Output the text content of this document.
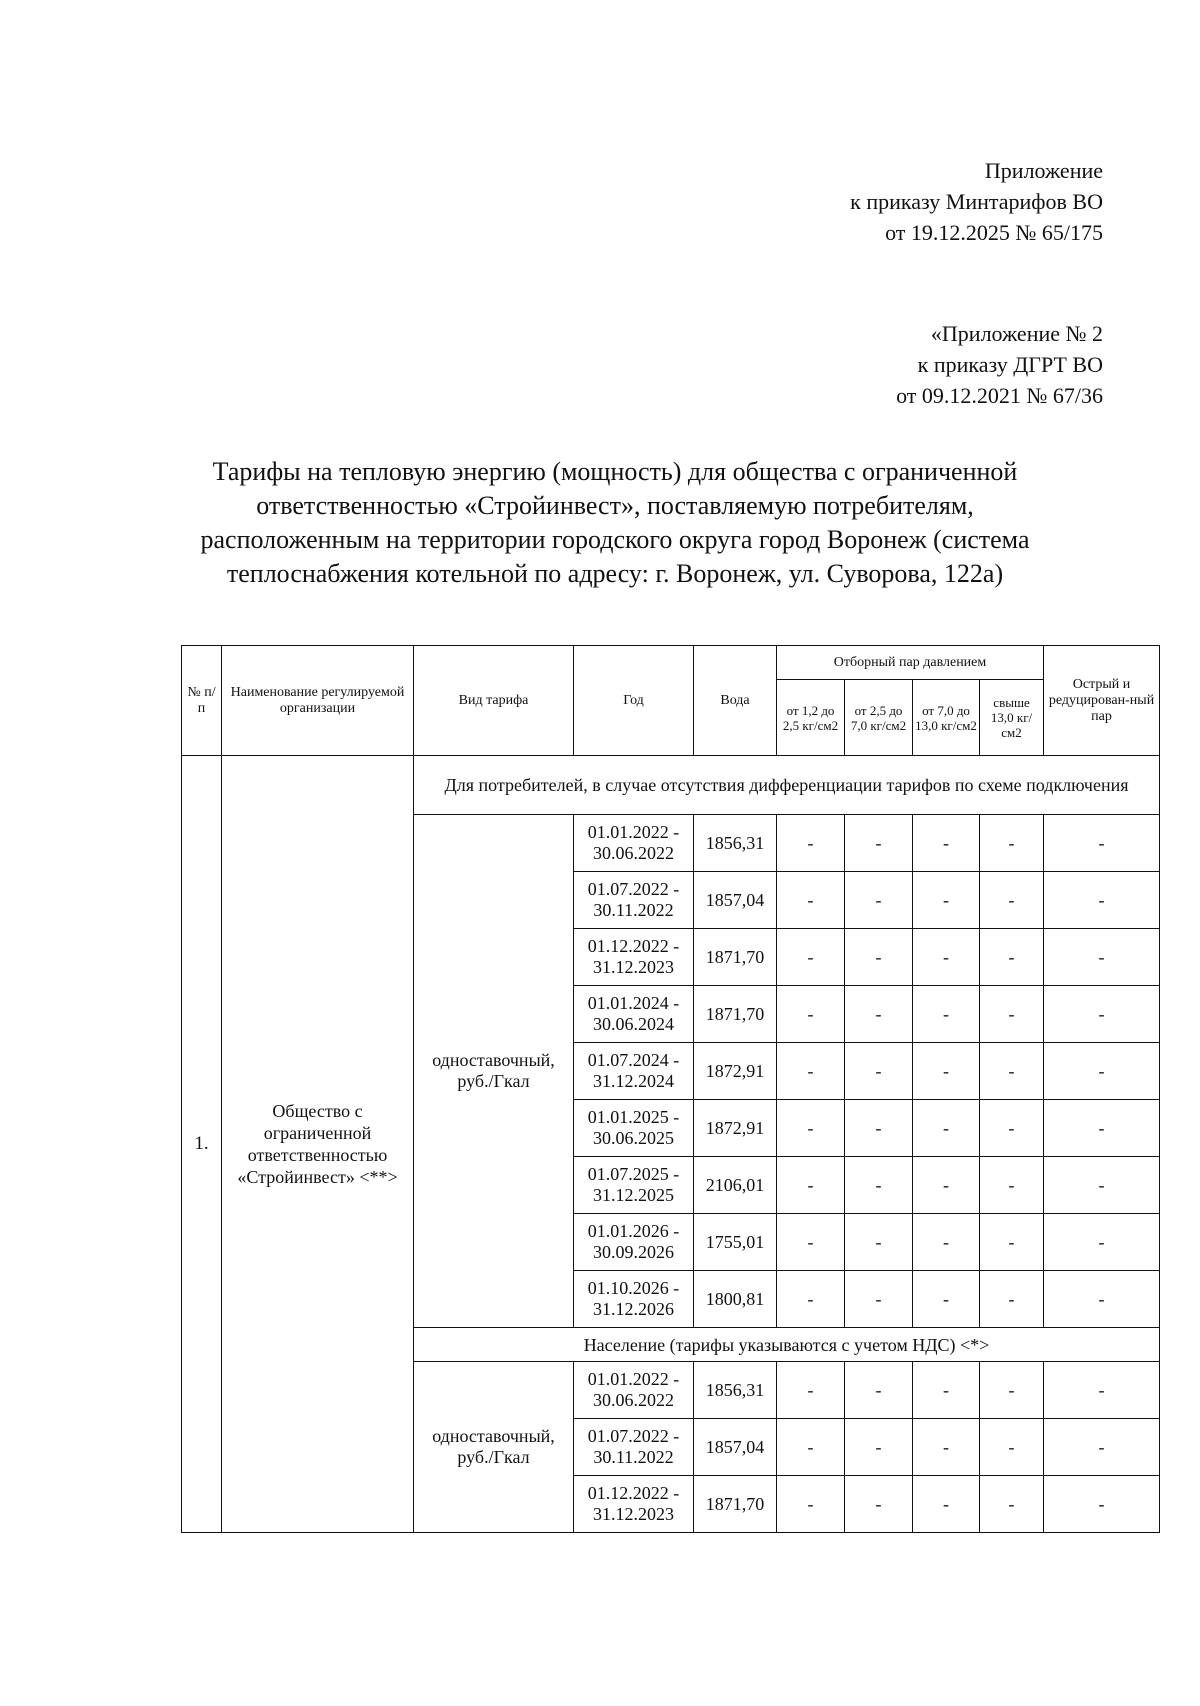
Приложение
к приказу Минтарифов ВО
от 19.12.2025 № 65/175
«Приложение № 2
к приказу ДГРТ ВО
от 09.12.2021 № 67/36
Тарифы на тепловую энергию (мощность) для общества с ограниченной
ответственностью «Стройинвест», поставляемую потребителям,
расположенным на территории городского округа город Воронеж (система
теплоснабжения котельной по адресу: г. Воронеж, ул. Суворова, 122а)
№ п/п	Наименование регулируемой организации	Вид тарифа	Год	Вода	Отборный пар давлением				Острый и редуцирован-ный пар
					от 1,2 до 2,5 кг/см2	от 2,5 до 7,0 кг/см2	от 7,0 до 13,0 кг/см2	свыше 13,0 кг/см2	
1.	Общество с ограниченной ответственностью «Стройинвест» <**>	Для потребителей, в случае отсутствия дифференциации тарифов по схеме подключения							
		одноставочный, руб./Гкал	01.01.2022 -
30.06.2022	1856,31	-	-	-	-	-

			01.07.2022 -
30.11.2022	1857,04	-	-	-	-	-

			01.12.2022 -
31.12.2023	1871,70	-	-	-	-	-

			01.01.2024 -
30.06.2024	1871,70	-	-	-	-	-

			01.07.2024 -
31.12.2024	1872,91	-	-	-	-	-

			01.01.2025 -
30.06.2025	1872,91	-	-	-	-	-

			01.07.2025 -
31.12.2025	2106,01	-	-	-	-	-

			01.01.2026 -
30.09.2026	1755,01	-	-	-	-	-

			01.10.2026 -
31.12.2026	1800,81	-	-	-	-	-
		Население (тарифы указываются с учетом НДС) <*>							
		одноставочный, руб./Гкал	01.01.2022 -
30.06.2022	1856,31	-	-	-	-	-

			01.07.2022 -
30.11.2022	1857,04	-	-	-	-	-

			01.12.2022 -
31.12.2023	1871,70	-	-	-	-	-
